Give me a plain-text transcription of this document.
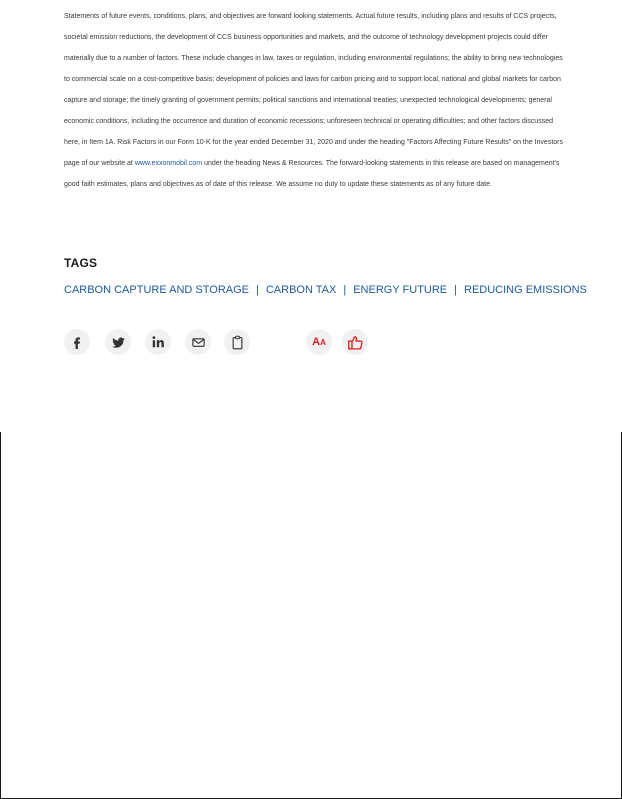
Statements of future events, conditions, plans, and objectives are forward looking statements. Actual future results, including plans and results of CCS projects, societal emission reductions, the development of CCS business opportunities and markets, and the outcome of technology development projects could differ materially due to a number of factors. These include changes in law, taxes or regulation, including environmental regulations; the ability to bring new technologies to commercial scale on a cost-competitive basis; development of policies and laws for carbon pricing and to support local, national and global markets for carbon capture and storage; the timely granting of government permits; political sanctions and international treaties; unexpected technological developments; general economic conditions, including the occurrence and duration of economic recessions; unforeseen technical or operating difficulties; and other factors discussed here, in Item 1A. Risk Factors in our Form 10-K for the year ended December 31, 2020 and under the heading "Factors Affecting Future Results" on the Investors page of our website at www.exxonmobil.com under the heading News & Resources. The forward-looking statements in this release are based on management's good faith estimates, plans and objectives as of date of this release. We assume no duty to update these statements as of any future date.

TAGS
CARBON CAPTURE AND STORAGE | CARBON TAX | ENERGY FUTURE | REDUCING EMISSIONS
AA
